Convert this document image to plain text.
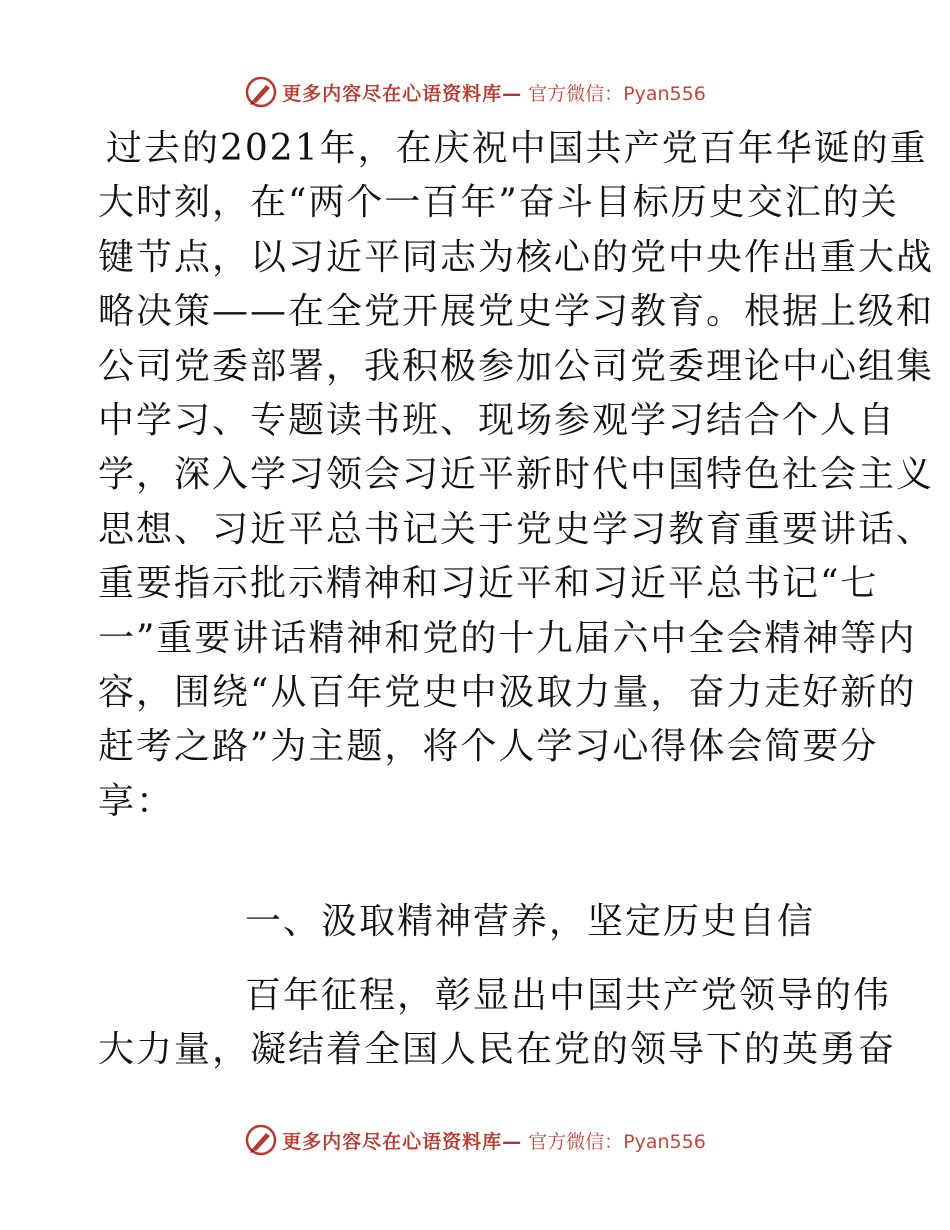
更多内容尽在心语资料库— 官方微信：Pyan556
过去的2021年，在庆祝中国共产党百年华诞的重
大时刻，在“两个一百年”奋斗目标历史交汇的关
键节点，以习近平同志为核心的党中央作出重大战
略决策——在全党开展党史学习教育。根据上级和
公司党委部署，我积极参加公司党委理论中心组集
中学习、专题读书班、现场参观学习结合个人自
学，深入学习领会习近平新时代中国特色社会主义
思想、习近平总书记关于党史学习教育重要讲话、
重要指示批示精神和习近平和习近平总书记“七
一”重要讲话精神和党的十九届六中全会精神等内
容，围绕“从百年党史中汲取力量，奋力走好新的
赶考之路”为主题，将个人学习心得体会简要分
享：
一、汲取精神营养，坚定历史自信
百年征程，彰显出中国共产党领导的伟
大力量，凝结着全国人民在党的领导下的英勇奋
更多内容尽在心语资料库— 官方微信：Pyan556
